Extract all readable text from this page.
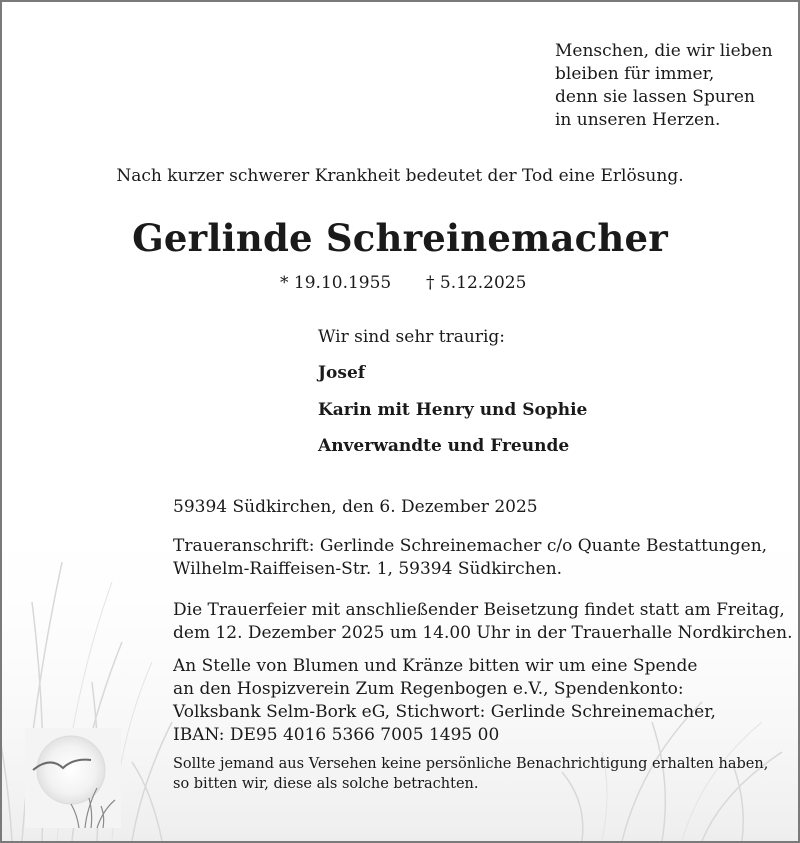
Menschen, die wir lieben
bleiben für immer,
denn sie lassen Spuren
in unseren Herzen.
Nach kurzer schwerer Krankheit bedeutet der Tod eine Erlösung.
Gerlinde Schreinemacher
* 19.10.1955 † 5.12.2025
Wir sind sehr traurig:
Josef
Karin mit Henry und Sophie
Anverwandte und Freunde
59394 Südkirchen, den 6. Dezember 2025
Traueranschrift: Gerlinde Schreinemacher c/o Quante Bestattungen,
Wilhelm-Raiffeisen-Str. 1, 59394 Südkirchen.
Die Trauerfeier mit anschließender Beisetzung findet statt am Freitag,
dem 12. Dezember 2025 um 14.00 Uhr in der Trauerhalle Nordkirchen.
An Stelle von Blumen und Kränze bitten wir um eine Spende
an den Hospizverein Zum Regenbogen e.V., Spendenkonto:
Volksbank Selm-Bork eG, Stichwort: Gerlinde Schreinemacher,
IBAN: DE95 4016 5366 7005 1495 00
Sollte jemand aus Versehen keine persönliche Benachrichtigung erhalten haben,
so bitten wir, diese als solche betrachten.
